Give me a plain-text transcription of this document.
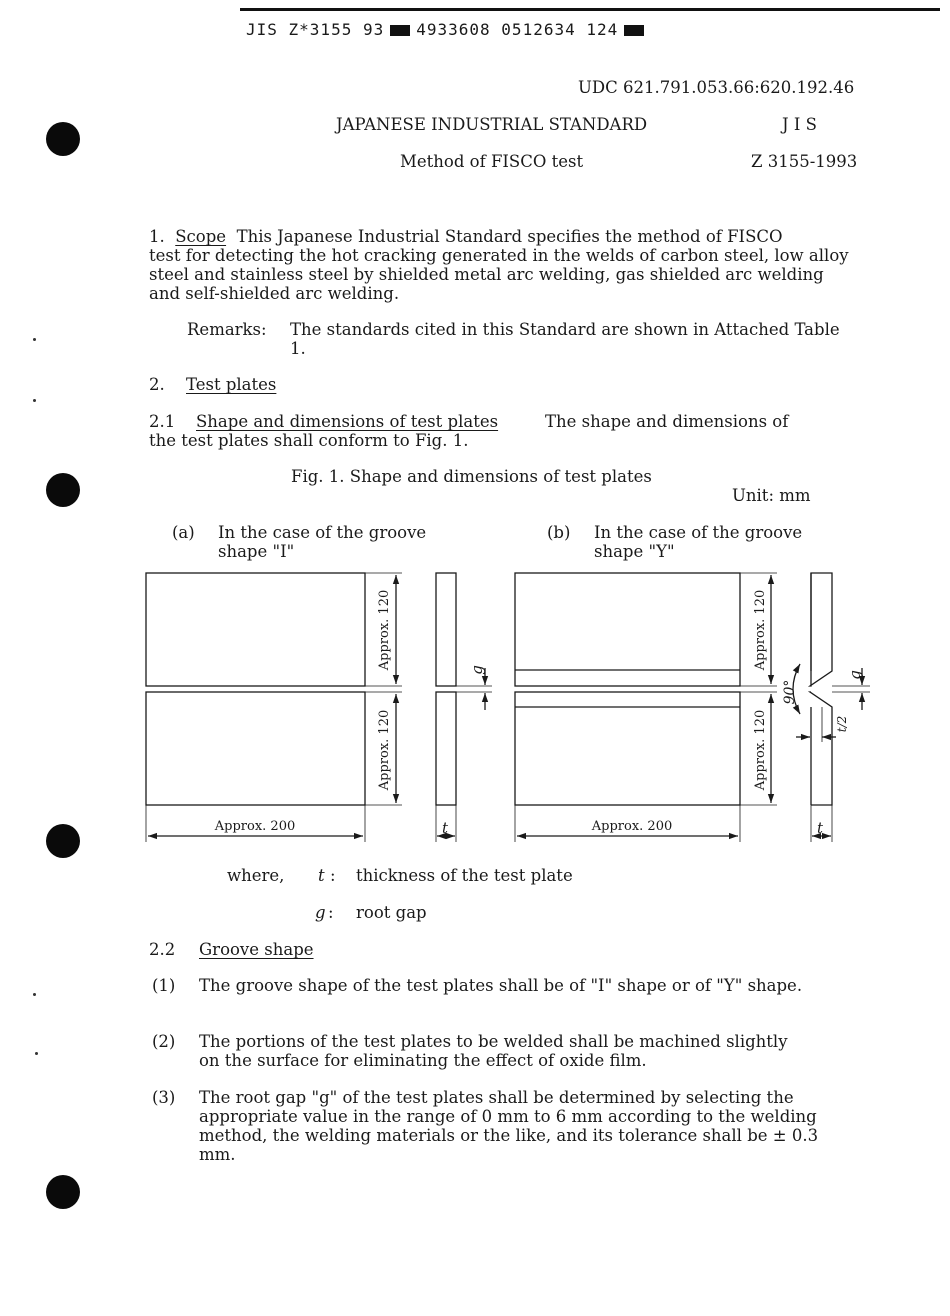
JIS Z*3155 93 4933608 0512634 124
UDC 621.791.053.66:620.192.46
JAPANESE INDUSTRIAL STANDARD	J I S
Method of FISCO test	Z 3155-1993
1. Scope This Japanese Industrial Standard specifies the method of FISCO
test for detecting the hot cracking generated in the welds of carbon steel, low alloy steel and stainless steel by shielded metal arc welding, gas shielded arc welding and self-shielded arc welding.
Remarks: The standards cited in this Standard are shown in Attached Table 1.
2. Test plates
2.1 Shape and dimensions of test plates	The shape and dimensions of
the test plates shall conform to Fig. 1.
Fig. 1. Shape and dimensions of test plates
Unit: mm
(a) In the case of the groove shape "I"
(b) In the case of the groove shape "Y"
Approx. 120
Approx. 120
Approx. 200	t
g	Approx. 120
Approx. 120
Approx. 200	t
g
90°
t/2
where, t : thickness of the test plate
g : root gap
2.2 Groove shape
(1) The groove shape of the test plates shall be of "I" shape or of "Y" shape.
(2) The portions of the test plates to be welded shall be machined slightly on the surface for eliminating the effect of oxide film.
(3) The root gap "g" of the test plates shall be determined by selecting the appropriate value in the range of 0 mm to 6 mm according to the welding method, the welding materials or the like, and its tolerance shall be ± 0.3 mm.
